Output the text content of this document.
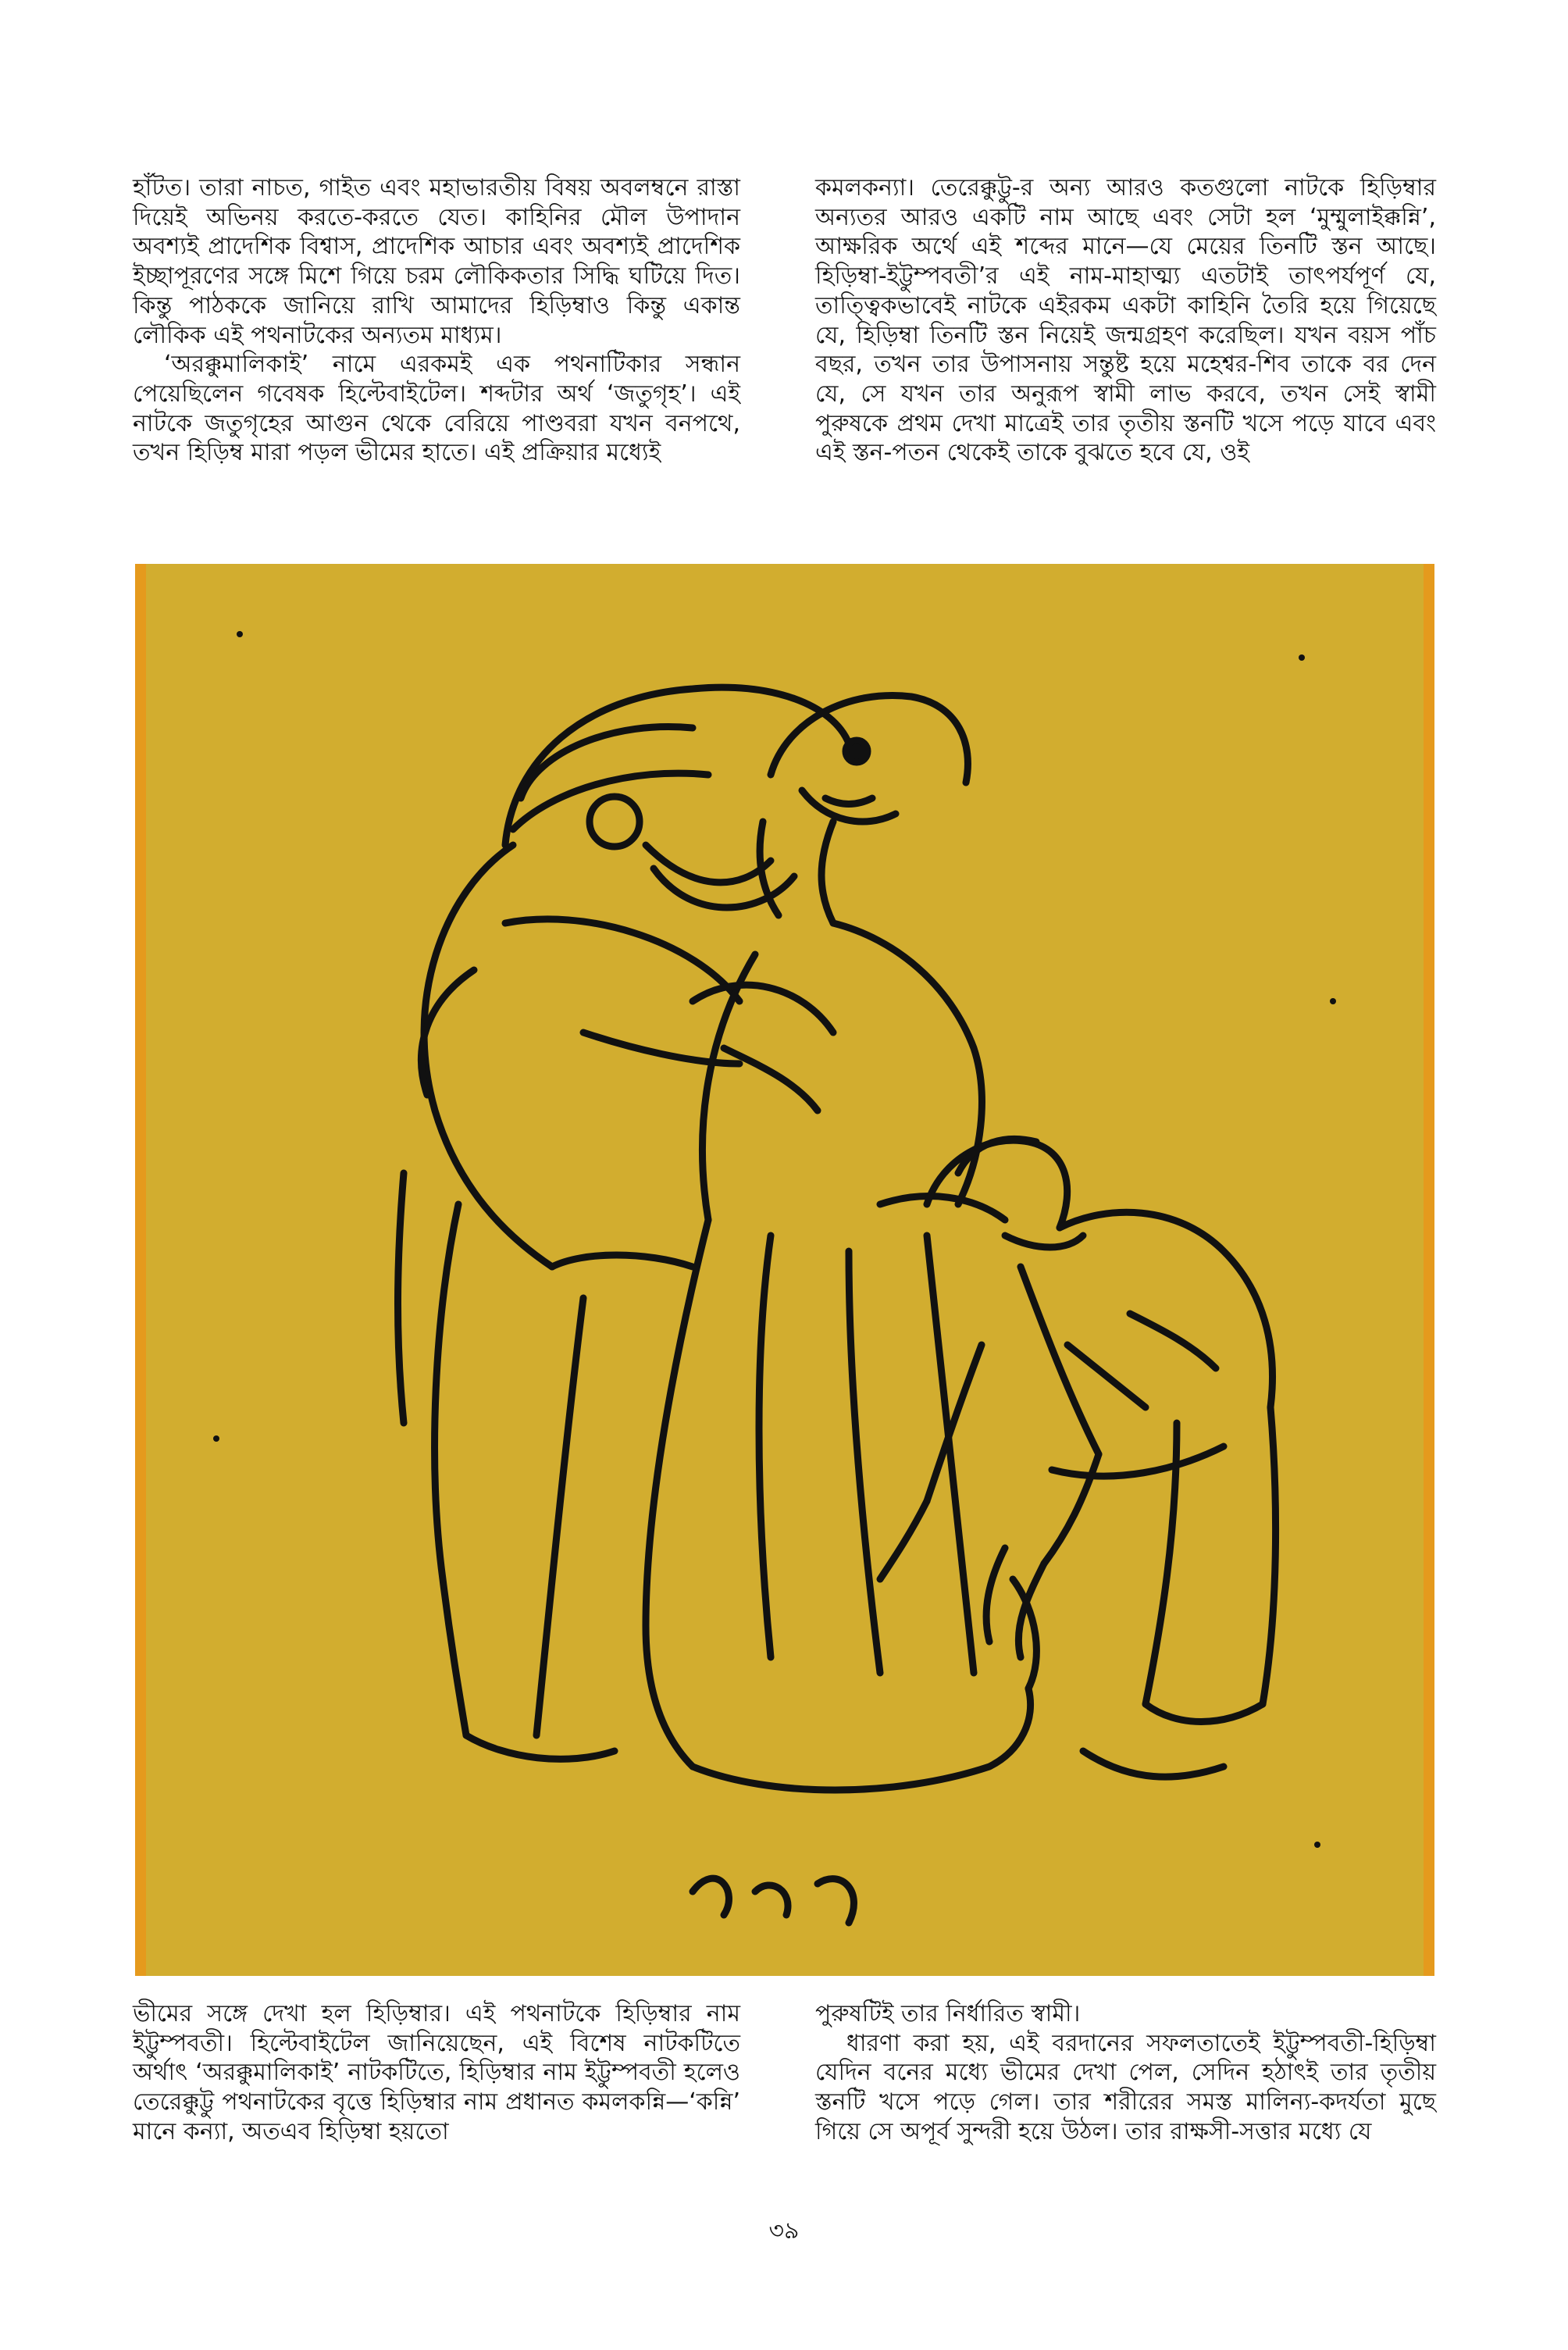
হাঁটত। তারা নাচত, গাইত এবং মহাভারতীয় বিষয় অবলম্বনে রাস্তা দিয়েই অভিনয় করতে-করতে যেত। কাহিনির মৌল উপাদান অবশ্যই প্রাদেশিক বিশ্বাস, প্রাদেশিক আচার এবং অবশ্যই প্রাদেশিক ইচ্ছাপূরণের সঙ্গে মিশে গিয়ে চরম লৌকিকতার সিদ্ধি ঘটিয়ে দিত। কিন্তু পাঠককে জানিয়ে রাখি আমাদের হিড়িম্বাও কিন্তু একান্ত লৌকিক এই পথনাটকের অন্যতম মাধ্যম।

‘অরক্কুমালিকাই’ নামে এরকমই এক পথনাটিকার সন্ধান পেয়েছিলেন গবেষক হিল্টেবাইটেল। শব্দটার অর্থ ‘জতুগৃহ’। এই নাটকে জতুগৃহের আগুন থেকে বেরিয়ে পাণ্ডবরা যখন বনপথে, তখন হিড়িম্ব মারা পড়ল ভীমের হাতে। এই প্রক্রিয়ার মধ্যেই

কমলকন্যা। তেরেক্কুট্টু-র অন্য আরও কতগুলো নাটকে হিড়িম্বার অন্যতর আরও একটি নাম আছে এবং সেটা হল ‘মুম্মুলাইক্কন্নি’, আক্ষরিক অর্থে এই শব্দের মানে—যে মেয়ের তিনটি স্তন আছে। হিড়িম্বা-ইট্টুম্পবতী’র এই নাম-মাহাত্ম্য এতটাই তাৎপর্যপূর্ণ যে, তাত্ত্বিকভাবেই নাটকে এইরকম একটা কাহিনি তৈরি হয়ে গিয়েছে যে, হিড়িম্বা তিনটি স্তন নিয়েই জন্মগ্রহণ করেছিল। যখন বয়স পাঁচ বছর, তখন তার উপাসনায় সন্তুষ্ট হয়ে মহেশ্বর-শিব তাকে বর দেন যে, সে যখন তার অনুরূপ স্বামী লাভ করবে, তখন সেই স্বামী পুরুষকে প্রথম দেখা মাত্রেই তার তৃতীয় স্তনটি খসে পড়ে যাবে এবং এই স্তন-পতন থেকেই তাকে বুঝতে হবে যে, ওই

ভীমের সঙ্গে দেখা হল হিড়িম্বার। এই পথনাটকে হিড়িম্বার নাম ইট্টুম্পবতী। হিল্টেবাইটেল জানিয়েছেন, এই বিশেষ নাটকটিতে অর্থাৎ ‘অরক্কুমালিকাই’ নাটকটিতে, হিড়িম্বার নাম ইট্টুম্পবতী হলেও তেরেক্কুট্টু পথনাটকের বৃত্তে হিড়িম্বার নাম প্রধানত কমলকন্নি—‘কন্নি’ মানে কন্যা, অতএব হিড়িম্বা হয়তো

পুরুষটিই তার নির্ধারিত স্বামী।

ধারণা করা হয়, এই বরদানের সফলতাতেই ইট্টুম্পবতী-হিড়িম্বা যেদিন বনের মধ্যে ভীমের দেখা পেল, সেদিন হঠাৎই তার তৃতীয় স্তনটি খসে পড়ে গেল। তার শরীরের সমস্ত মালিন্য-কদর্যতা মুছে গিয়ে সে অপূর্ব সুন্দরী হয়ে উঠল। তার রাক্ষসী-সত্তার মধ্যে যে

৩৯
